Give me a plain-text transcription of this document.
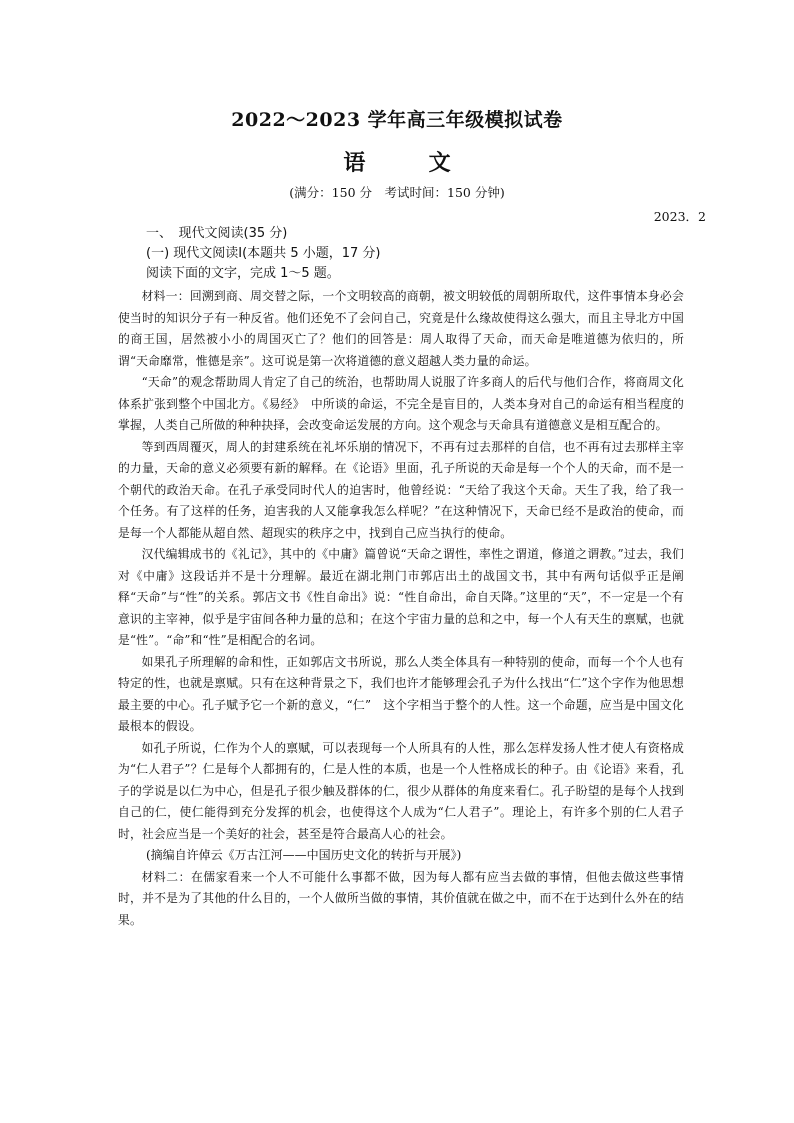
2022～2023 学年高三年级模拟试卷
语	文
(满分：150 分　考试时间：150 分钟)
2023．2
一、　现代文阅读(35 分)
(一) 现代文阅读Ⅰ(本题共 5 小题，17 分)
阅读下面的文字，完成 1～5 题。

材料一：回溯到商、周交替之际，一个文明较高的商朝，被文明较低的周朝所取代，这件事情本身必会使当时的知识分子有一种反省。他们还免不了会问自己，究竟是什么缘故使得这么强大，而且主导北方中国的商王国，居然被小小的周国灭亡了？他们的回答是：周人取得了天命，而天命是唯道德为依归的，所谓“天命靡常，惟德是亲”。这可说是第一次将道德的意义超越人类力量的命运。

“天命”的观念帮助周人肯定了自己的统治，也帮助周人说服了许多商人的后代与他们合作，将商周文化体系扩张到整个中国北方。《易经》　中所谈的命运，不完全是盲目的，人类本身对自己的命运有相当程度的掌握，人类自己所做的种种抉择，会改变命运发展的方向。这个观念与天命具有道德意义是相互配合的。

等到西周覆灭，周人的封建系统在礼坏乐崩的情况下，不再有过去那样的自信，也不再有过去那样主宰的力量，天命的意义必须要有新的解释。在《论语》里面，孔子所说的天命是每一个个人的天命，而不是一个朝代的政治天命。在孔子承受同时代人的迫害时，他曾经说：“天给了我这个天命。天生了我，给了我一个任务。有了这样的任务，迫害我的人又能拿我怎么样呢？”在这种情况下，天命已经不是政治的使命，而是每一个人都能从超自然、超现实的秩序之中，找到自己应当执行的使命。

汉代编辑成书的《礼记》，其中的《中庸》篇曾说“天命之谓性，率性之谓道，修道之谓教。”过去，我们对《中庸》这段话并不是十分理解。最近在湖北荆门市郭店出土的战国文书，其中有两句话似乎正是阐释“天命”与“性”的关系。郭店文书《性自命出》说：“性自命出，命自天降。”这里的“天”，不一定是一个有意识的主宰神，似乎是宇宙间各种力量的总和；在这个宇宙力量的总和之中，每一个人有天生的禀赋，也就是“性”。“命”和“性”是相配合的名词。

如果孔子所理解的命和性，正如郭店文书所说，那么人类全体具有一种特别的使命，而每一个个人也有特定的性，也就是禀赋。只有在这种背景之下，我们也许才能够理会孔子为什么找出“仁”这个字作为他思想最主要的中心。孔子赋予它一个新的意义，“仁”　这个字相当于整个的人性。这一个命题，应当是中国文化最根本的假设。

如孔子所说，仁作为个人的禀赋，可以表现每一个人所具有的人性，那么怎样发扬人性才使人有资格成为“仁人君子”？仁是每个人都拥有的，仁是人性的本质，也是一个人性格成长的种子。由《论语》来看，孔子的学说是以仁为中心，但是孔子很少触及群体的仁，很少从群体的角度来看仁。孔子盼望的是每个人找到自己的仁，使仁能得到充分发挥的机会，也使得这个人成为“仁人君子”。理论上，有许多个别的仁人君子时，社会应当是一个美好的社会，甚至是符合最高人心的社会。

(摘编自许倬云《万古江河——中国历史文化的转折与开展》)

材料二：在儒家看来一个人不可能什么事都不做，因为每人都有应当去做的事情，但他去做这些事情时，并不是为了其他的什么目的，一个人做所当做的事情，其价值就在做之中，而不在于达到什么外在的结果。
